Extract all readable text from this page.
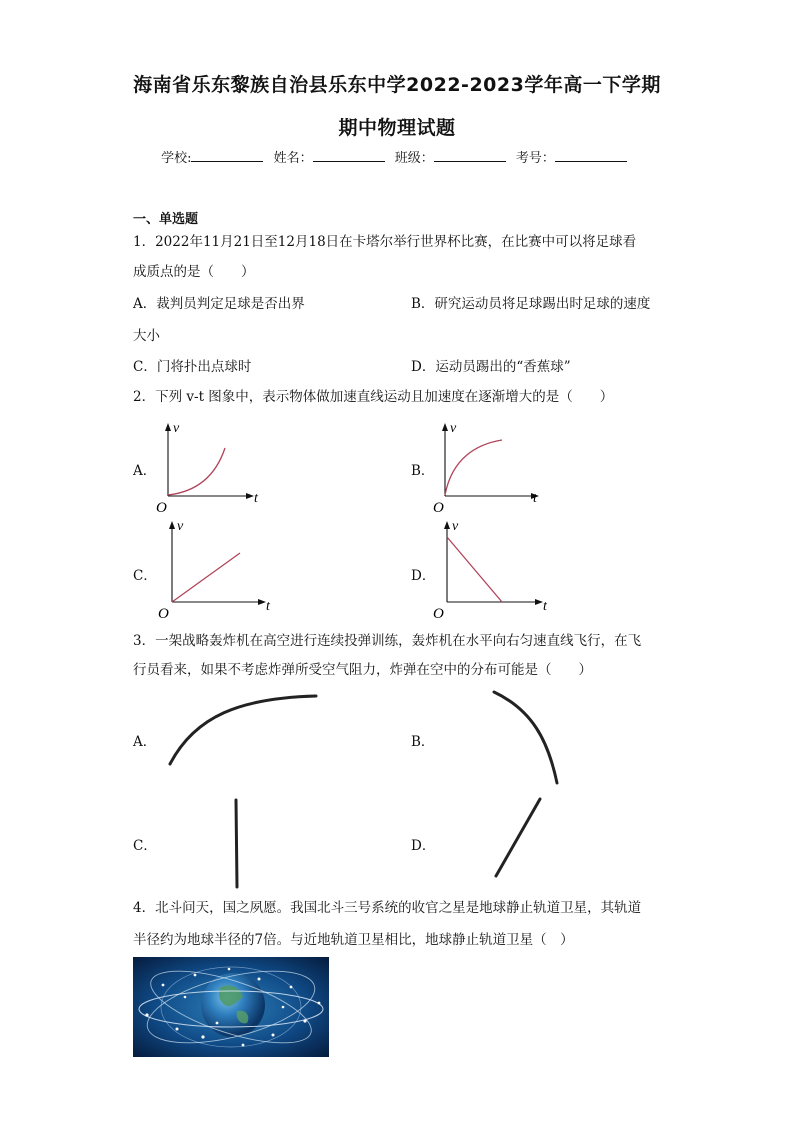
海南省乐东黎族自治县乐东中学2022-2023学年高一下学期
期中物理试题
学校:	姓名：	班级：	考号：
一、单选题
1．2022年11月21日至12月18日在卡塔尔举行世界杯比赛，在比赛中可以将足球看
成质点的是（　　）
A．裁判员判定足球是否出界	B．研究运动员将足球踢出时足球的速度
大小
C．门将扑出点球时	D．运动员踢出的“香蕉球”
2．下列 v-t 图象中，表示物体做加速直线运动且加速度在逐渐增大的是（　　）
A．	B．
C．	D．
v
t
O
v
t
O
v
t
O
v
t
O
3．一架战略轰炸机在高空进行连续投弹训练，轰炸机在水平向右匀速直线飞行，在飞
行员看来，如果不考虑炸弹所受空气阻力，炸弹在空中的分布可能是（　　）
A．	B．
C．	D．
4．北斗问天，国之夙愿。我国北斗三号系统的收官之星是地球静止轨道卫星，其轨道
半径约为地球半径的7倍。与近地轨道卫星相比，地球静止轨道卫星（　）
